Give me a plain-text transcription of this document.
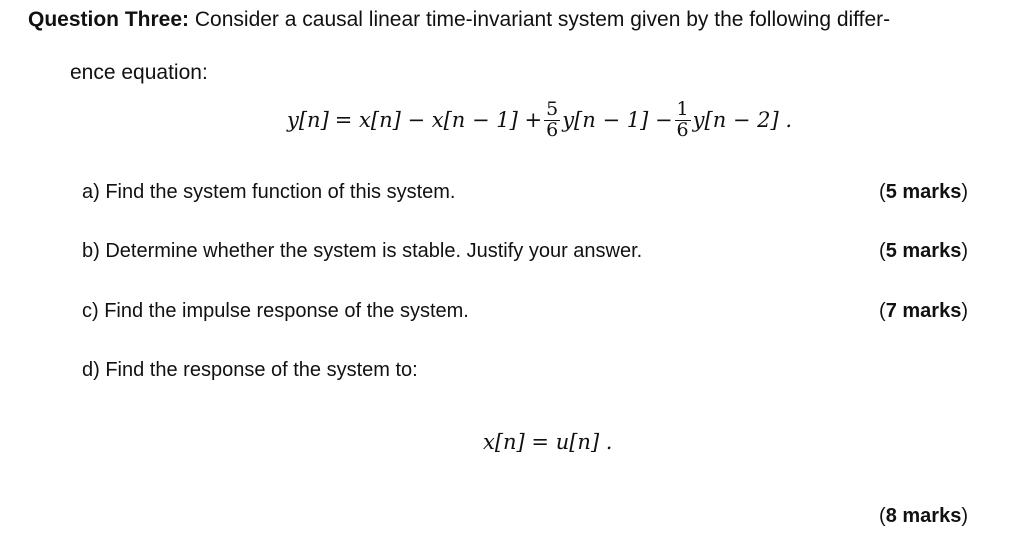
Question Three: Consider a causal linear time-invariant system given by the following differ-
ence equation:
$y[n] = x[n] - x[n - 1] + \frac{5}{6} y[n - 1] - \frac{1}{6} y[n - 2]$ .
a) Find the system function of this system.	(5 marks)
b) Determine whether the system is stable. Justify your answer.	(5 marks)
c) Find the impulse response of the system.	(7 marks)
d) Find the response of the system to:
x[n] = u[n] .
(8 marks)
